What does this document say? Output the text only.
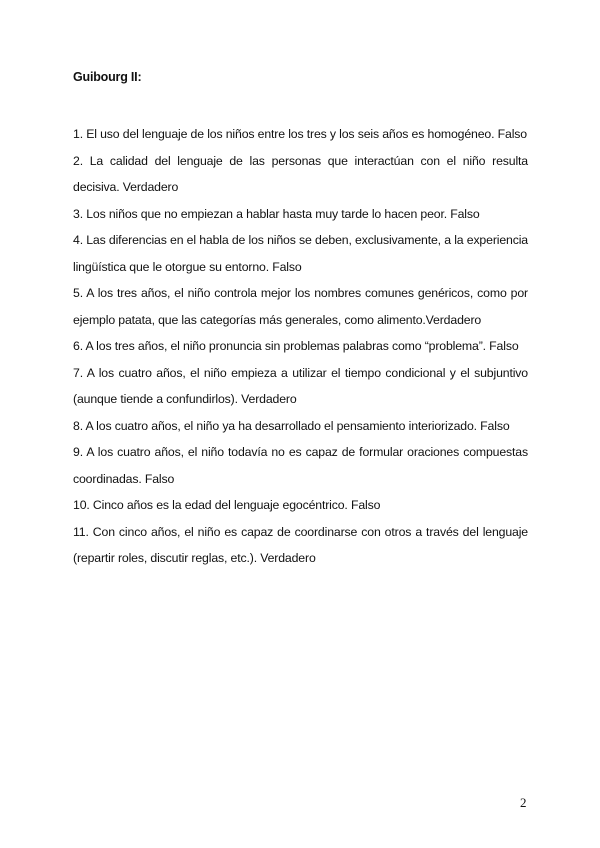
Guibourg II:
1. El uso del lenguaje de los niños entre los tres y los seis años es homogéneo. Falso
2. La calidad del lenguaje de las personas que interactúan con el niño resulta decisiva. Verdadero
3. Los niños que no empiezan a hablar hasta muy tarde lo hacen peor. Falso
4. Las diferencias en el habla de los niños se deben, exclusivamente, a la experiencia lingüística que le otorgue su entorno. Falso
5. A los tres años, el niño controla mejor los nombres comunes genéricos, como por ejemplo patata, que las categorías más generales, como alimento.Verdadero
6. A los tres años, el niño pronuncia sin problemas palabras como “problema”. Falso
7. A los cuatro años, el niño empieza a utilizar el tiempo condicional y el subjuntivo (aunque tiende a confundirlos). Verdadero
8. A los cuatro años, el niño ya ha desarrollado el pensamiento interiorizado. Falso
9. A los cuatro años, el niño todavía no es capaz de formular oraciones compuestas coordinadas. Falso
10. Cinco años es la edad del lenguaje egocéntrico. Falso
11. Con cinco años, el niño es capaz de coordinarse con otros a través del lenguaje (repartir roles, discutir reglas, etc.). Verdadero
2
